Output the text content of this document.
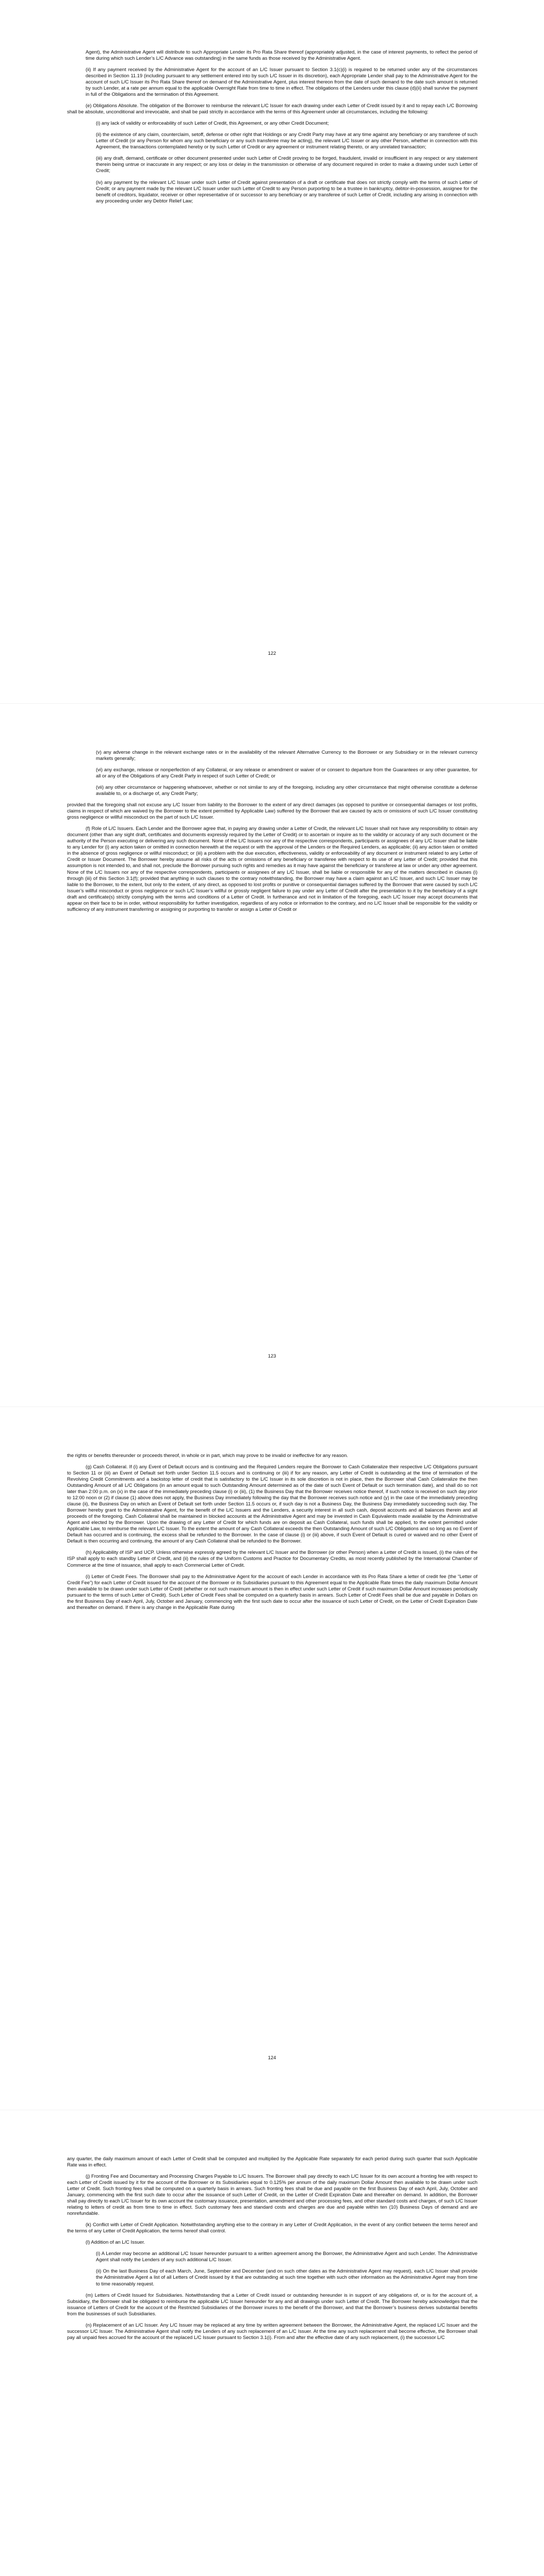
Agent), the Administrative Agent will distribute to such Appropriate Lender its Pro Rata Share thereof (appropriately adjusted, in the case of interest payments, to reflect the period of time during which such Lender’s L/C Advance was outstanding) in the same funds as those received by the Administrative Agent.

(ii) If any payment received by the Administrative Agent for the account of an L/C Issuer pursuant to Section 3.1(c)(i) is required to be returned under any of the circumstances described in Section 11.19 (including pursuant to any settlement entered into by such L/C Issuer in its discretion), each Appropriate Lender shall pay to the Administrative Agent for the account of such L/C Issuer its Pro Rata Share thereof on demand of the Administrative Agent, plus interest thereon from the date of such demand to the date such amount is returned by such Lender, at a rate per annum equal to the applicable Overnight Rate from time to time in effect. The obligations of the Lenders under this clause (d)(ii) shall survive the payment in full of the Obligations and the termination of this Agreement.

(e) Obligations Absolute. The obligation of the Borrower to reimburse the relevant L/C Issuer for each drawing under each Letter of Credit issued by it and to repay each L/C Borrowing shall be absolute, unconditional and irrevocable, and shall be paid strictly in accordance with the terms of this Agreement under all circumstances, including the following:

(i) any lack of validity or enforceability of such Letter of Credit, this Agreement, or any other Credit Document;

(ii) the existence of any claim, counterclaim, setoff, defense or other right that Holdings or any Credit Party may have at any time against any beneficiary or any transferee of such Letter of Credit (or any Person for whom any such beneficiary or any such transferee may be acting), the relevant L/C Issuer or any other Person, whether in connection with this Agreement, the transactions contemplated hereby or by such Letter of Credit or any agreement or instrument relating thereto, or any unrelated transaction;

(iii) any draft, demand, certificate or other document presented under such Letter of Credit proving to be forged, fraudulent, invalid or insufficient in any respect or any statement therein being untrue or inaccurate in any respect; or any loss or delay in the transmission or otherwise of any document required in order to make a drawing under such Letter of Credit;

(iv) any payment by the relevant L/C Issuer under such Letter of Credit against presentation of a draft or certificate that does not strictly comply with the terms of such Letter of Credit; or any payment made by the relevant L/C Issuer under such Letter of Credit to any Person purporting to be a trustee in bankruptcy, debtor-in-possession, assignee for the benefit of creditors, liquidator, receiver or other representative of or successor to any beneficiary or any transferee of such Letter of Credit, including any arising in connection with any proceeding under any Debtor Relief Law;

122

(v) any adverse change in the relevant exchange rates or in the availability of the relevant Alternative Currency to the Borrower or any Subsidiary or in the relevant currency markets generally;

(vi) any exchange, release or nonperfection of any Collateral, or any release or amendment or waiver of or consent to departure from the Guarantees or any other guarantee, for all or any of the Obligations of any Credit Party in respect of such Letter of Credit; or

(vii) any other circumstance or happening whatsoever, whether or not similar to any of the foregoing, including any other circumstance that might otherwise constitute a defense available to, or a discharge of, any Credit Party;

provided that the foregoing shall not excuse any L/C Issuer from liability to the Borrower to the extent of any direct damages (as opposed to punitive or consequential damages or lost profits, claims in respect of which are waived by the Borrower to the extent permitted by Applicable Law) suffered by the Borrower that are caused by acts or omissions of such L/C Issuer constituting gross negligence or willful misconduct on the part of such L/C Issuer.

(f) Role of L/C Issuers. Each Lender and the Borrower agree that, in paying any drawing under a Letter of Credit, the relevant L/C Issuer shall not have any responsibility to obtain any document (other than any sight draft, certificates and documents expressly required by the Letter of Credit) or to ascertain or inquire as to the validity or accuracy of any such document or the authority of the Person executing or delivering any such document. None of the L/C Issuers nor any of the respective correspondents, participants or assignees of any L/C Issuer shall be liable to any Lender for (i) any action taken or omitted in connection herewith at the request or with the approval of the Lenders or the Required Lenders, as applicable; (ii) any action taken or omitted in the absence of gross negligence or willful misconduct; or (iii) a problem with the due execution, effectiveness, validity or enforceability of any document or instrument related to any Letter of Credit or Issuer Document. The Borrower hereby assume all risks of the acts or omissions of any beneficiary or transferee with respect to its use of any Letter of Credit; provided that this assumption is not intended to, and shall not, preclude the Borrower pursuing such rights and remedies as it may have against the beneficiary or transferee at law or under any other agreement. None of the L/C Issuers nor any of the respective correspondents, participants or assignees of any L/C Issuer, shall be liable or responsible for any of the matters described in clauses (i) through (iii) of this Section 3.1(f); provided that anything in such clauses to the contrary notwithstanding, the Borrower may have a claim against an L/C Issuer, and such L/C Issuer may be liable to the Borrower, to the extent, but only to the extent, of any direct, as opposed to lost profits or punitive or consequential damages suffered by the Borrower that were caused by such L/C Issuer’s willful misconduct or gross negligence or such L/C Issuer’s willful or grossly negligent failure to pay under any Letter of Credit after the presentation to it by the beneficiary of a sight draft and certificate(s) strictly complying with the terms and conditions of a Letter of Credit. In furtherance and not in limitation of the foregoing, each L/C Issuer may accept documents that appear on their face to be in order, without responsibility for further investigation, regardless of any notice or information to the contrary, and no L/C Issuer shall be responsible for the validity or sufficiency of any instrument transferring or assigning or purporting to transfer or assign a Letter of Credit or

123

the rights or benefits thereunder or proceeds thereof, in whole or in part, which may prove to be invalid or ineffective for any reason.

(g) Cash Collateral. If (i) any Event of Default occurs and is continuing and the Required Lenders require the Borrower to Cash Collateralize their respective L/C Obligations pursuant to Section 11 or (iii) an Event of Default set forth under Section 11.5 occurs and is continuing or (iii) if for any reason, any Letter of Credit is outstanding at the time of termination of the Revolving Credit Commitments and a backstop letter of credit that is satisfactory to the L/C Issuer in its sole discretion is not in place, then the Borrower shall Cash Collateralize the then Outstanding Amount of all L/C Obligations (in an amount equal to such Outstanding Amount determined as of the date of such Event of Default or such termination date), and shall do so not later than 2:00 p.m. on (x) in the case of the immediately preceding clause (i) or (iii), (1) the Business Day that the Borrower receives notice thereof, if such notice is received on such day prior to 12:00 noon or (2) if clause (1) above does not apply, the Business Day immediately following the day that the Borrower receives such notice and (y) in the case of the immediately preceding clause (ii), the Business Day on which an Event of Default set forth under Section 11.5 occurs or, if such day is not a Business Day, the Business Day immediately succeeding such day. The Borrower hereby grant to the Administrative Agent, for the benefit of the L/C Issuers and the Lenders, a security interest in all such cash, deposit accounts and all balances therein and all proceeds of the foregoing. Cash Collateral shall be maintained in blocked accounts at the Administrative Agent and may be invested in Cash Equivalents made available by the Administrative Agent and elected by the Borrower. Upon the drawing of any Letter of Credit for which funds are on deposit as Cash Collateral, such funds shall be applied, to the extent permitted under Applicable Law, to reimburse the relevant L/C Issuer. To the extent the amount of any Cash Collateral exceeds the then Outstanding Amount of such L/C Obligations and so long as no Event of Default has occurred and is continuing, the excess shall be refunded to the Borrower. In the case of clause (i) or (iii) above, if such Event of Default is cured or waived and no other Event of Default is then occurring and continuing, the amount of any Cash Collateral shall be refunded to the Borrower.

(h) Applicability of ISP and UCP. Unless otherwise expressly agreed by the relevant L/C Issuer and the Borrower (or other Person) when a Letter of Credit is issued, (i) the rules of the ISP shall apply to each standby Letter of Credit, and (ii) the rules of the Uniform Customs and Practice for Documentary Credits, as most recently published by the International Chamber of Commerce at the time of issuance, shall apply to each Commercial Letter of Credit.

(i) Letter of Credit Fees. The Borrower shall pay to the Administrative Agent for the account of each Lender in accordance with its Pro Rata Share a letter of credit fee (the “Letter of Credit Fee”) for each Letter of Credit issued for the account of the Borrower or its Subsidiaries pursuant to this Agreement equal to the Applicable Rate times the daily maximum Dollar Amount then available to be drawn under such Letter of Credit (whether or not such maximum amount is then in effect under such Letter of Credit if such maximum Dollar Amount increases periodically pursuant to the terms of such Letter of Credit). Such Letter of Credit Fees shall be computed on a quarterly basis in arrears. Such Letter of Credit Fees shall be due and payable in Dollars on the first Business Day of each April, July, October and January, commencing with the first such date to occur after the issuance of such Letter of Credit, on the Letter of Credit Expiration Date and thereafter on demand. If there is any change in the Applicable Rate during

124

any quarter, the daily maximum amount of each Letter of Credit shall be computed and multiplied by the Applicable Rate separately for each period during such quarter that such Applicable Rate was in effect.

(j) Fronting Fee and Documentary and Processing Charges Payable to L/C Issuers. The Borrower shall pay directly to each L/C Issuer for its own account a fronting fee with respect to each Letter of Credit issued by it for the account of the Borrower or its Subsidiaries equal to 0.125% per annum of the daily maximum Dollar Amount then available to be drawn under such Letter of Credit. Such fronting fees shall be computed on a quarterly basis in arrears. Such fronting fees shall be due and payable on the first Business Day of each April, July, October and January, commencing with the first such date to occur after the issuance of such Letter of Credit, on the Letter of Credit Expiration Date and thereafter on demand. In addition, the Borrower shall pay directly to each L/C Issuer for its own account the customary issuance, presentation, amendment and other processing fees, and other standard costs and charges, of such L/C Issuer relating to letters of credit as from time to time in effect. Such customary fees and standard costs and charges are due and payable within ten (10) Business Days of demand and are nonrefundable.

(k) Conflict with Letter of Credit Application. Notwithstanding anything else to the contrary in any Letter of Credit Application, in the event of any conflict between the terms hereof and the terms of any Letter of Credit Application, the terms hereof shall control.

(l) Addition of an L/C Issuer.

(i) A Lender may become an additional L/C Issuer hereunder pursuant to a written agreement among the Borrower, the Administrative Agent and such Lender. The Administrative Agent shall notify the Lenders of any such additional L/C Issuer.

(ii) On the last Business Day of each March, June, September and December (and on such other dates as the Administrative Agent may request), each L/C Issuer shall provide the Administrative Agent a list of all Letters of Credit issued by it that are outstanding at such time together with such other information as the Administrative Agent may from time to time reasonably request.

(m) Letters of Credit Issued for Subsidiaries. Notwithstanding that a Letter of Credit issued or outstanding hereunder is in support of any obligations of, or is for the account of, a Subsidiary, the Borrower shall be obligated to reimburse the applicable L/C Issuer hereunder for any and all drawings under such Letter of Credit. The Borrower hereby acknowledges that the issuance of Letters of Credit for the account of the Restricted Subsidiaries of the Borrower inures to the benefit of the Borrower, and that the Borrower’s business derives substantial benefits from the businesses of such Subsidiaries.

(n) Replacement of an L/C Issuer. Any L/C Issuer may be replaced at any time by written agreement between the Borrower, the Administrative Agent, the replaced L/C Issuer and the successor L/C Issuer. The Administrative Agent shall notify the Lenders of any such replacement of an L/C Issuer. At the time any such replacement shall become effective, the Borrower shall pay all unpaid fees accrued for the account of the replaced L/C Issuer pursuant to Section 3.1(i). From and after the effective date of any such replacement, (i) the successor L/C
